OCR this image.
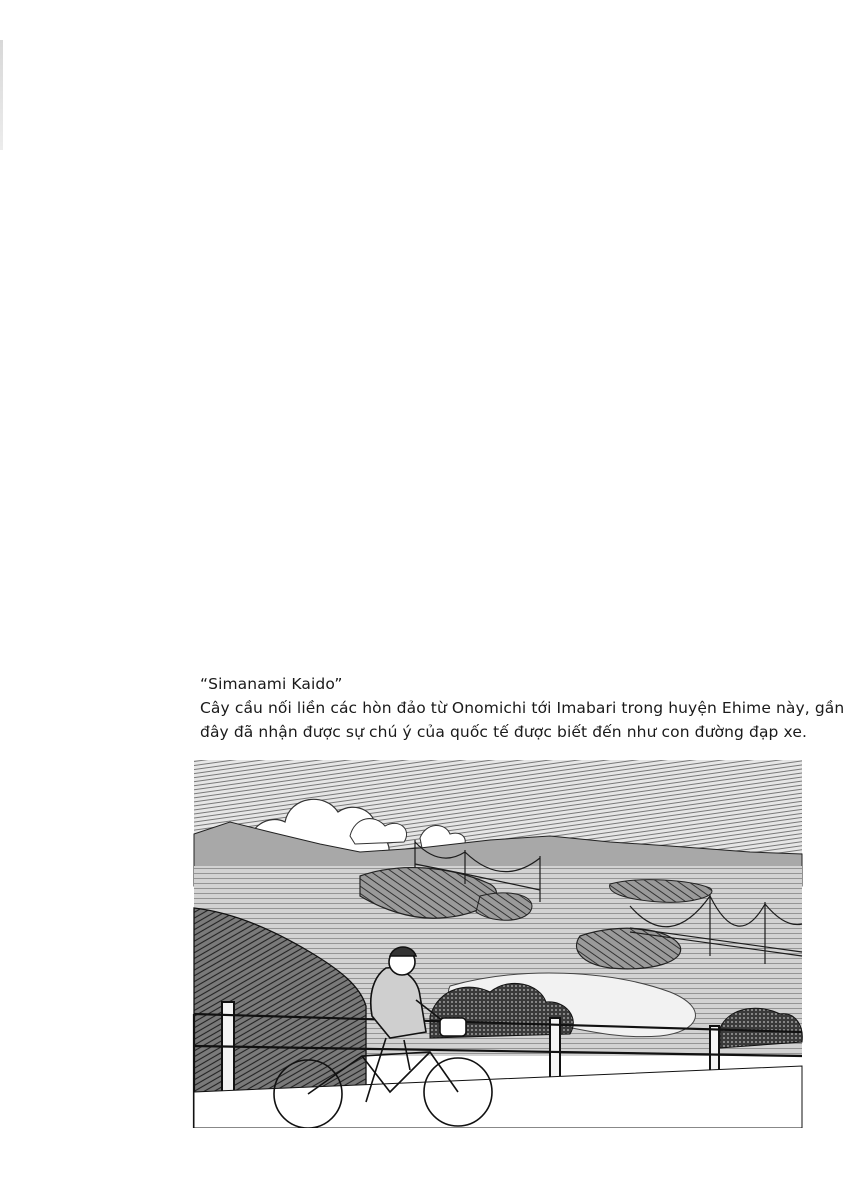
“Simanami Kaido”
Cây cầu nối liền các hòn đảo từ Onomichi tới Imabari trong huyện Ehime này, gần
đây đã nhận được sự chú ý của quốc tế được biết đến như con đường đạp xe.
